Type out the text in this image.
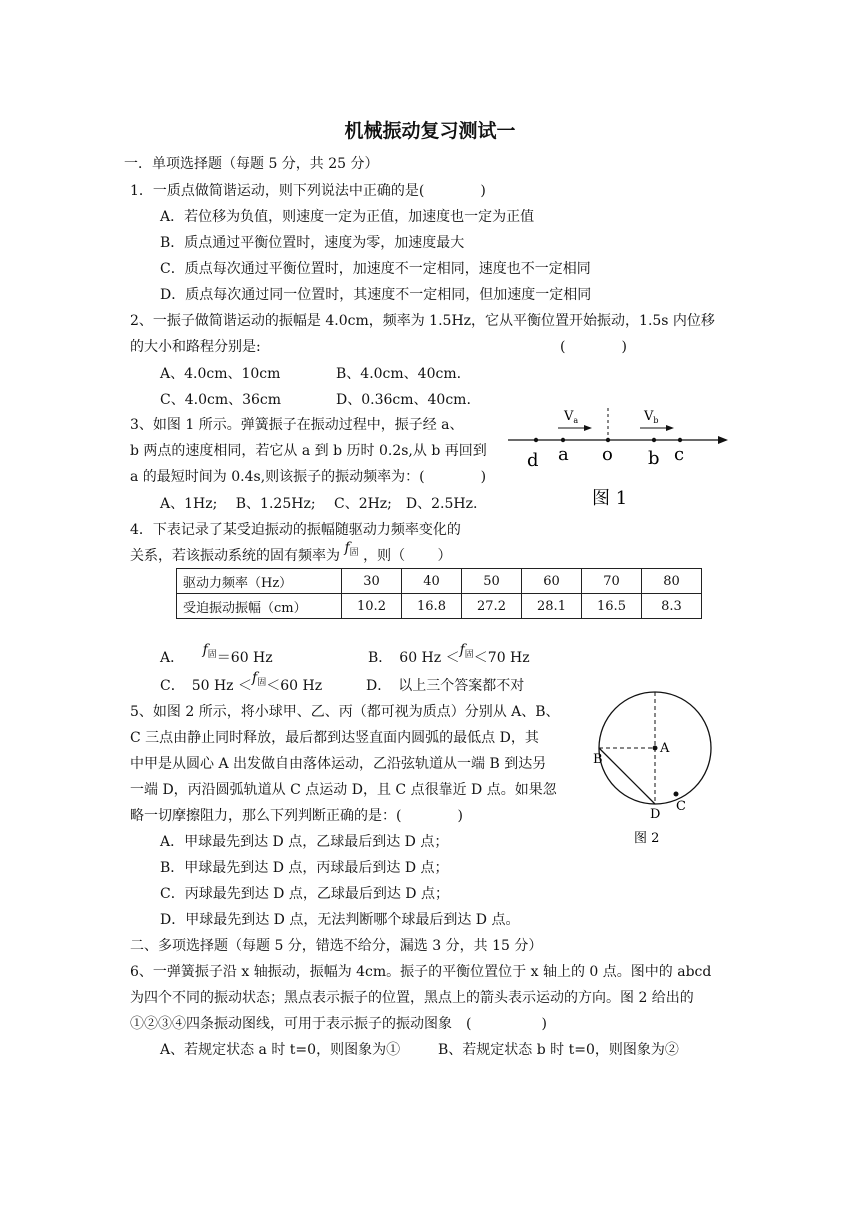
机械振动复习测试一
一．单项选择题（每题 5 分，共 25 分）
1．一质点做简谐运动，则下列说法中正确的是(　　　　)
A．若位移为负值，则速度一定为正值，加速度也一定为正值
B．质点通过平衡位置时，速度为零，加速度最大
C．质点每次通过平衡位置时，加速度不一定相同，速度也不一定相同
D．质点每次通过同一位置时，其速度不一定相同，但加速度一定相同
2、一振子做简谐运动的振幅是 4.0cm，频率为 1.5Hz，它从平衡位置开始振动，1.5s 内位移
的大小和路程分别是:	(　　　　)
A、4.0cm、10cm	B、4.0cm、40cm.
C、4.0cm、36cm	D、0.36cm、40cm.
3、如图 1 所示。弹簧振子在振动过程中，振子经 a、
b 两点的速度相同，若它从 a 到 b 历时 0.2s,从 b 再回到
a 的最短时间为 0.4s,则该振子的振动频率为：(　　　　)
A、1Hz;　 B、1.25Hz;　 C、2Hz;　D、2.5Hz.
$V_a$	$V_b$
d a o b c
图 1
4．下表记录了某受迫振动的振幅随驱动力频率变化的
关系，若该振动系统的固有频率为 $f_固$ ，则（　　 ）
驱动力频率（Hz）	30	40	50	60	70	80
受迫振动振幅（cm）	10.2	16.8	27.2	28.1	16.5	8.3
A． $f_固=60$ Hz	B．　60 $Hz <f_固<70$ Hz
C．　50 $Hz <f_固<60$ Hz	D．　以上三个答案都不对
5、如图 2 所示，将小球甲、乙、丙（都可视为质点）分别从 A、B、
C 三点由静止同时释放，最后都到达竖直面内圆弧的最低点 D，其
中甲是从圆心 A 出发做自由落体运动，乙沿弦轨道从一端 B 到达另
一端 D，丙沿圆弧轨道从 C 点运动 D，且 C 点很靠近 D 点。如果忽
略一切摩擦阻力，那么下列判断正确的是：(　　　　)
A．甲球最先到达 D 点，乙球最后到达 D 点；
B．甲球最先到达 D 点，丙球最后到达 D 点；
C．丙球最先到达 D 点，乙球最后到达 D 点；
D．甲球最先到达 D 点，无法判断哪个球最后到达 D 点。
A
B
C
D
图 2
二、多项选择题（每题 5 分，错选不给分，漏选 3 分，共 15 分）
6、一弹簧振子沿 x 轴振动，振幅为 4cm。振子的平衡位置位于 x 轴上的 0 点。图中的 abcd
为四个不同的振动状态；黑点表示振子的位置，黑点上的箭头表示运动的方向。图 2 给出的
①②③④四条振动图线，可用于表示振子的振动图象　(　　　　　)
A、若规定状态 a 时 t=0，则图象为①	B、若规定状态 b 时 t=0，则图象为②
